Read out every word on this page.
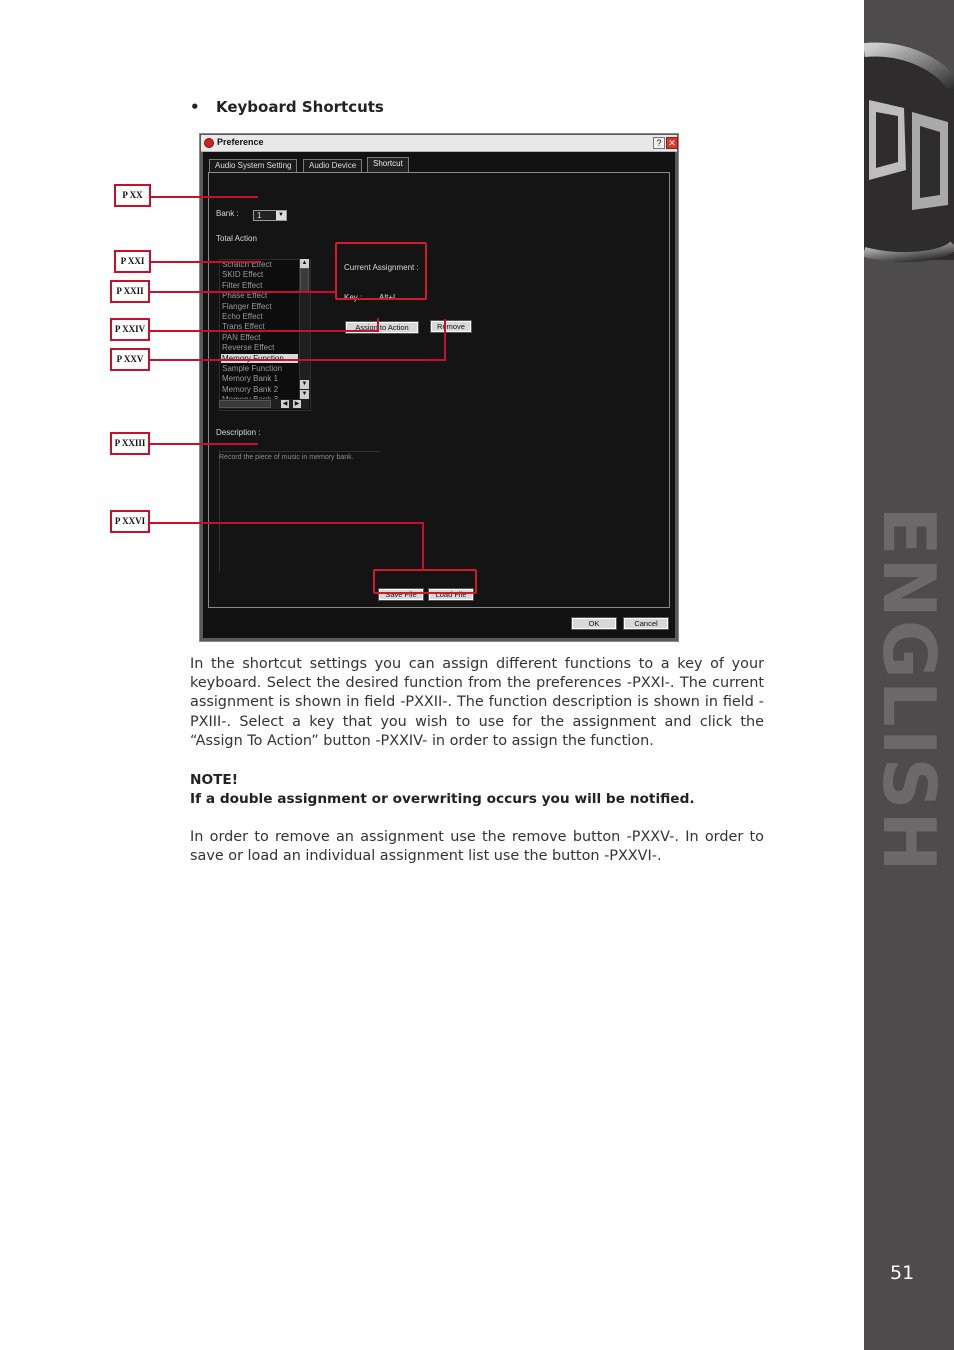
ENGLISH
51
• Keyboard Shortcuts
Preference	? ✕
Audio System Setting	Audio Device	Shortcut
Bank : 1	▼
Total Action
Scratch Effect
SKID Effect
Filter Effect
Phase Effect
Flanger Effect
Echo Effect
Trans Effect
PAN Effect
Reverse Effect
Memory Function
Sample Function
Memory Bank 1
Memory Bank 2
▲
▼
▼
◀ ▶
Current Assignment :
Key : Alt+I
Assign to Action	Remove
Description :
Record the piece of music in memory bank.
Save File	Load File
OK	Cancel
P XX
P XXI
P XXII
P XXIV
P XXV
P XXIII
P XXVI
In the shortcut settings you can assign different functions to a key of your keyboard. Select the desired function from the preferences -PXXI-. The current assignment is shown in field -PXXII-. The function description is shown in field -PXIII-. Select a key that you wish to use for the assignment and click the “Assign To Action” button -PXXIV- in order to assign the function.
NOTE!
If a double assignment or overwriting occurs you will be notified.
In order to remove an assignment use the remove button -PXXV-. In order to save or load an individual assignment list use the button -PXXVI-.
